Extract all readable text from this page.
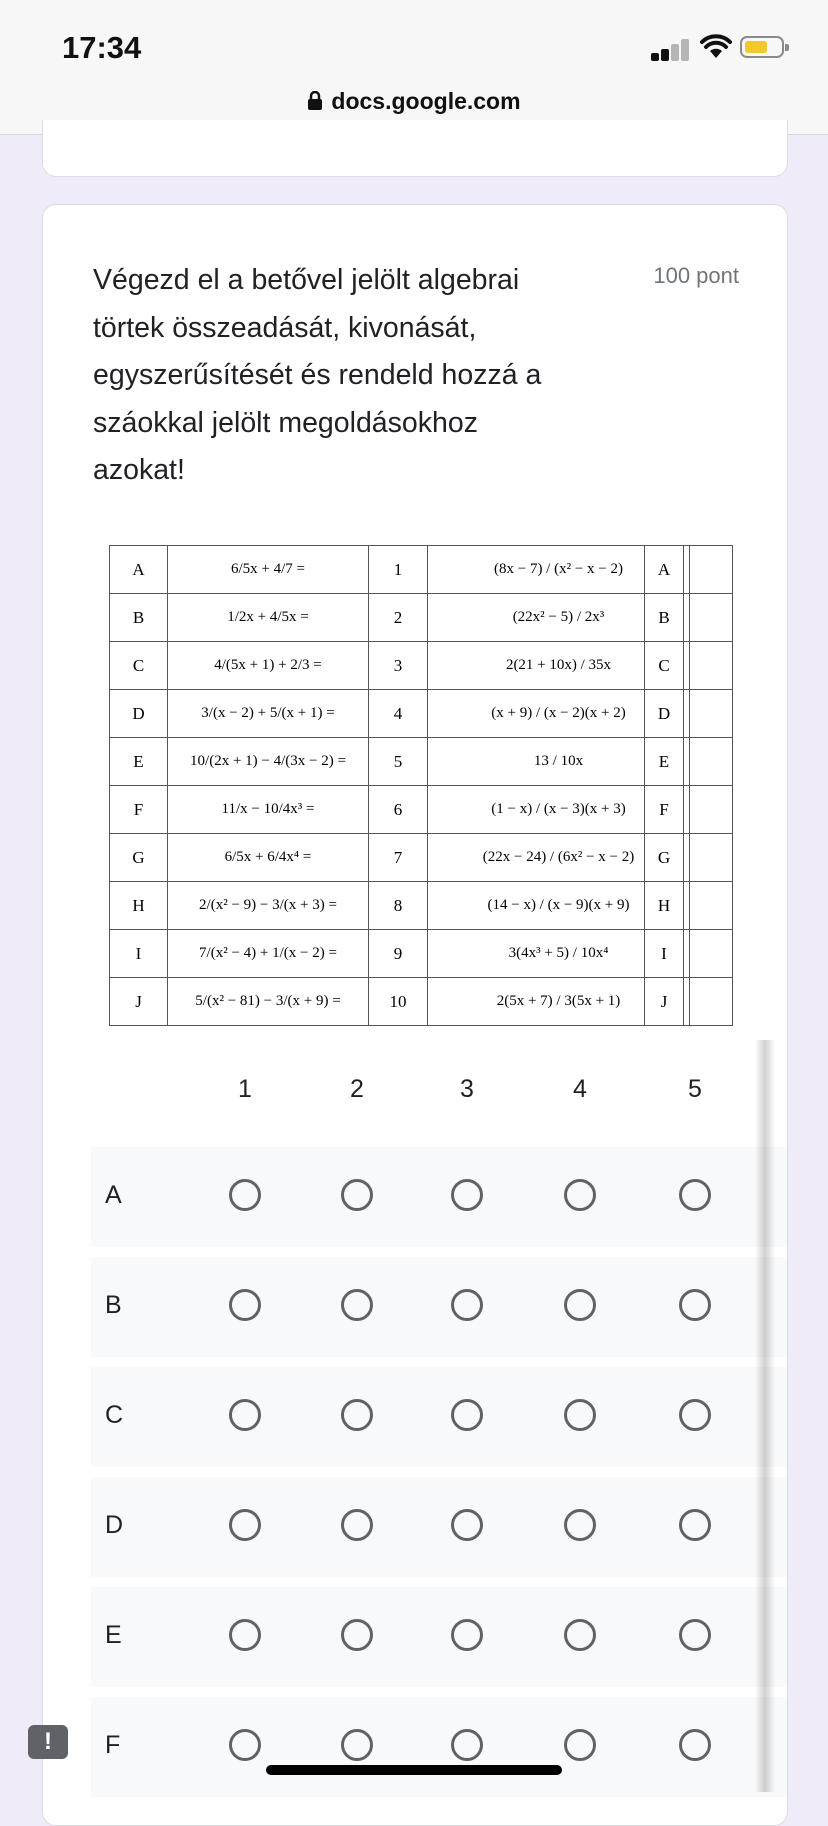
17:34
docs.google.com
Végezd el a betővel jelölt algebrai törtek összeadását, kivonását, egyszerűsítését és rendeld hozzá a száokkal jelölt megoldásokhoz azokat!
100 pont
A	6/5x + 4/7 =	1	(8x − 7) / (x² − x − 2)
B	1/2x + 4/5x =	2	(22x² − 5) / 2x³
C	4/(5x + 1) + 2/3 =	3	2(21 + 10x) / 35x
D	3/(x − 2) + 5/(x + 1) =	4	(x + 9) / (x − 2)(x + 2)
E	10/(2x + 1) − 4/(3x − 2) =	5	13 / 10x
F	11/x − 10/4x³ =	6	(1 − x) / (x − 3)(x + 3)
G	6/5x + 6/4x⁴ =	7	(22x − 24) / (6x² − x − 2)
H	2/(x² − 9) − 3/(x + 3) =	8	(14 − x) / (x − 9)(x + 9)
I	7/(x² − 4) + 1/(x − 2) =	9	3(4x³ + 5) / 10x⁴
J	5/(x² − 81) − 3/(x + 9) =	10	2(5x + 7) / 3(5x + 1)
A	
B	
C	
D	
E	
F	
G	
H	
I	
J	
1	2	3	4	5
A
B
C
D
E
F
!
